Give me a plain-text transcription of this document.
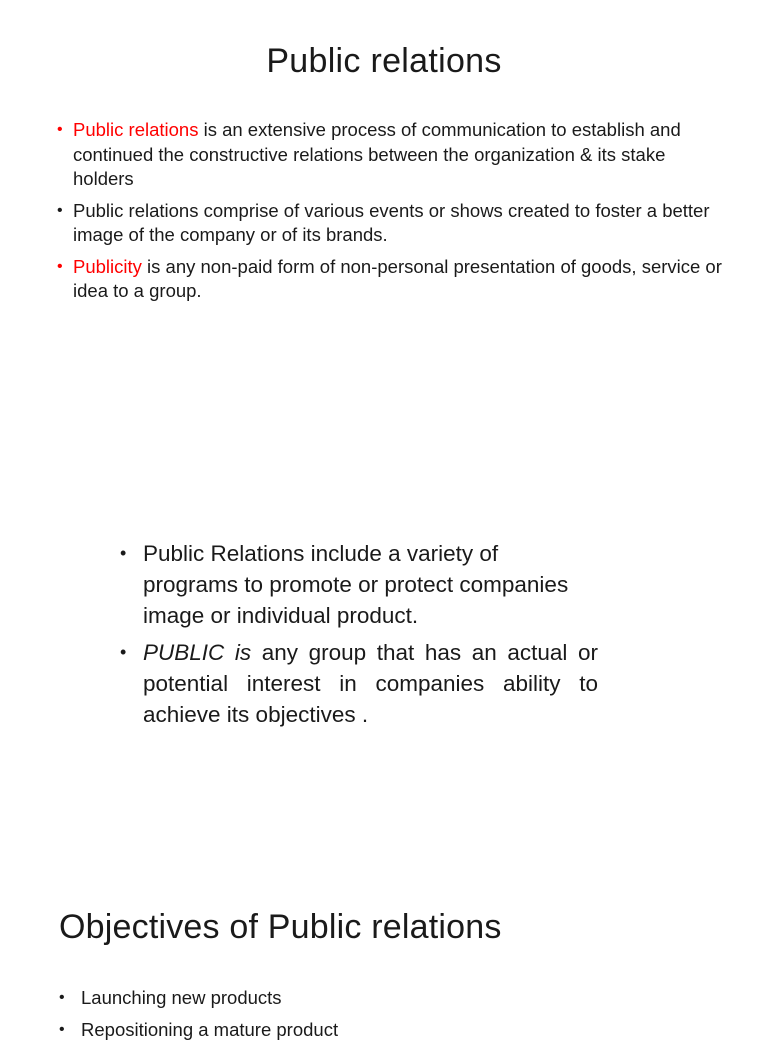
Public relations
• Public relations is an extensive process of communication to establish and continued the constructive relations between the organization & its stake holders
• Public relations comprise of various events or shows created to foster a better image of the company or of its brands.
• Publicity is any non-paid form of non-personal presentation of goods, service or idea to a group.
• Public Relations include a variety of programs to promote or protect companies image or individual product.
• PUBLIC is any group that has an actual or potential interest in companies ability to achieve its objectives .
Objectives of Public relations
• Launching new products
• Repositioning a mature product
